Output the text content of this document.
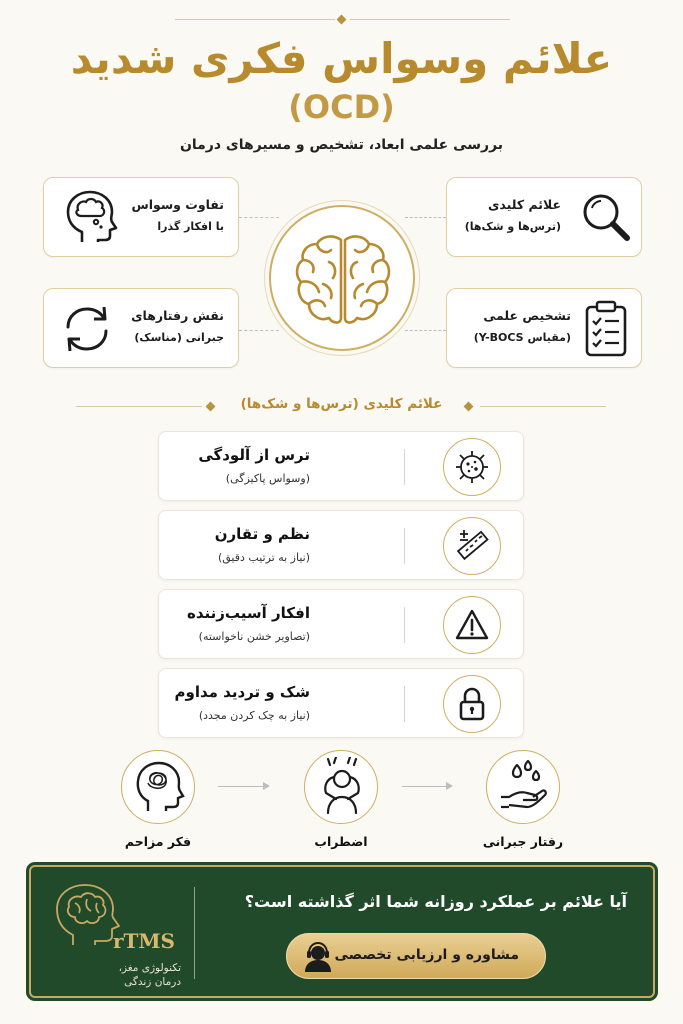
علائم وسواس فکری شدید
(OCD)
بررسی علمی ابعاد، تشخیص و مسیرهای درمان
تفاوت وسواس
با افکار گذرا
علائم کلیدی
(ترس‌ها و شک‌ها)
نقش رفتارهای
جبرانی (مناسک)
تشخیص علمی
(مقیاس Y-BOCS)
علائم کلیدی (ترس‌ها و شک‌ها)
ترس از آلودگی
(وسواس پاکیزگی)
نظم و تقارن
(نیاز به ترتیب دقیق)
افکار آسیب‌زننده
(تصاویر خشن ناخواسته)
شک و تردید مداوم
(نیاز به چک کردن مجدد)
فکر مزاحم	اضطراب	رفتار جبرانی
rTMS
تکنولوژی مغز،
درمان زندگی
آیا علائم بر عملکرد روزانه شما اثر گذاشته است؟
مشاوره و ارزیابی تخصصی
